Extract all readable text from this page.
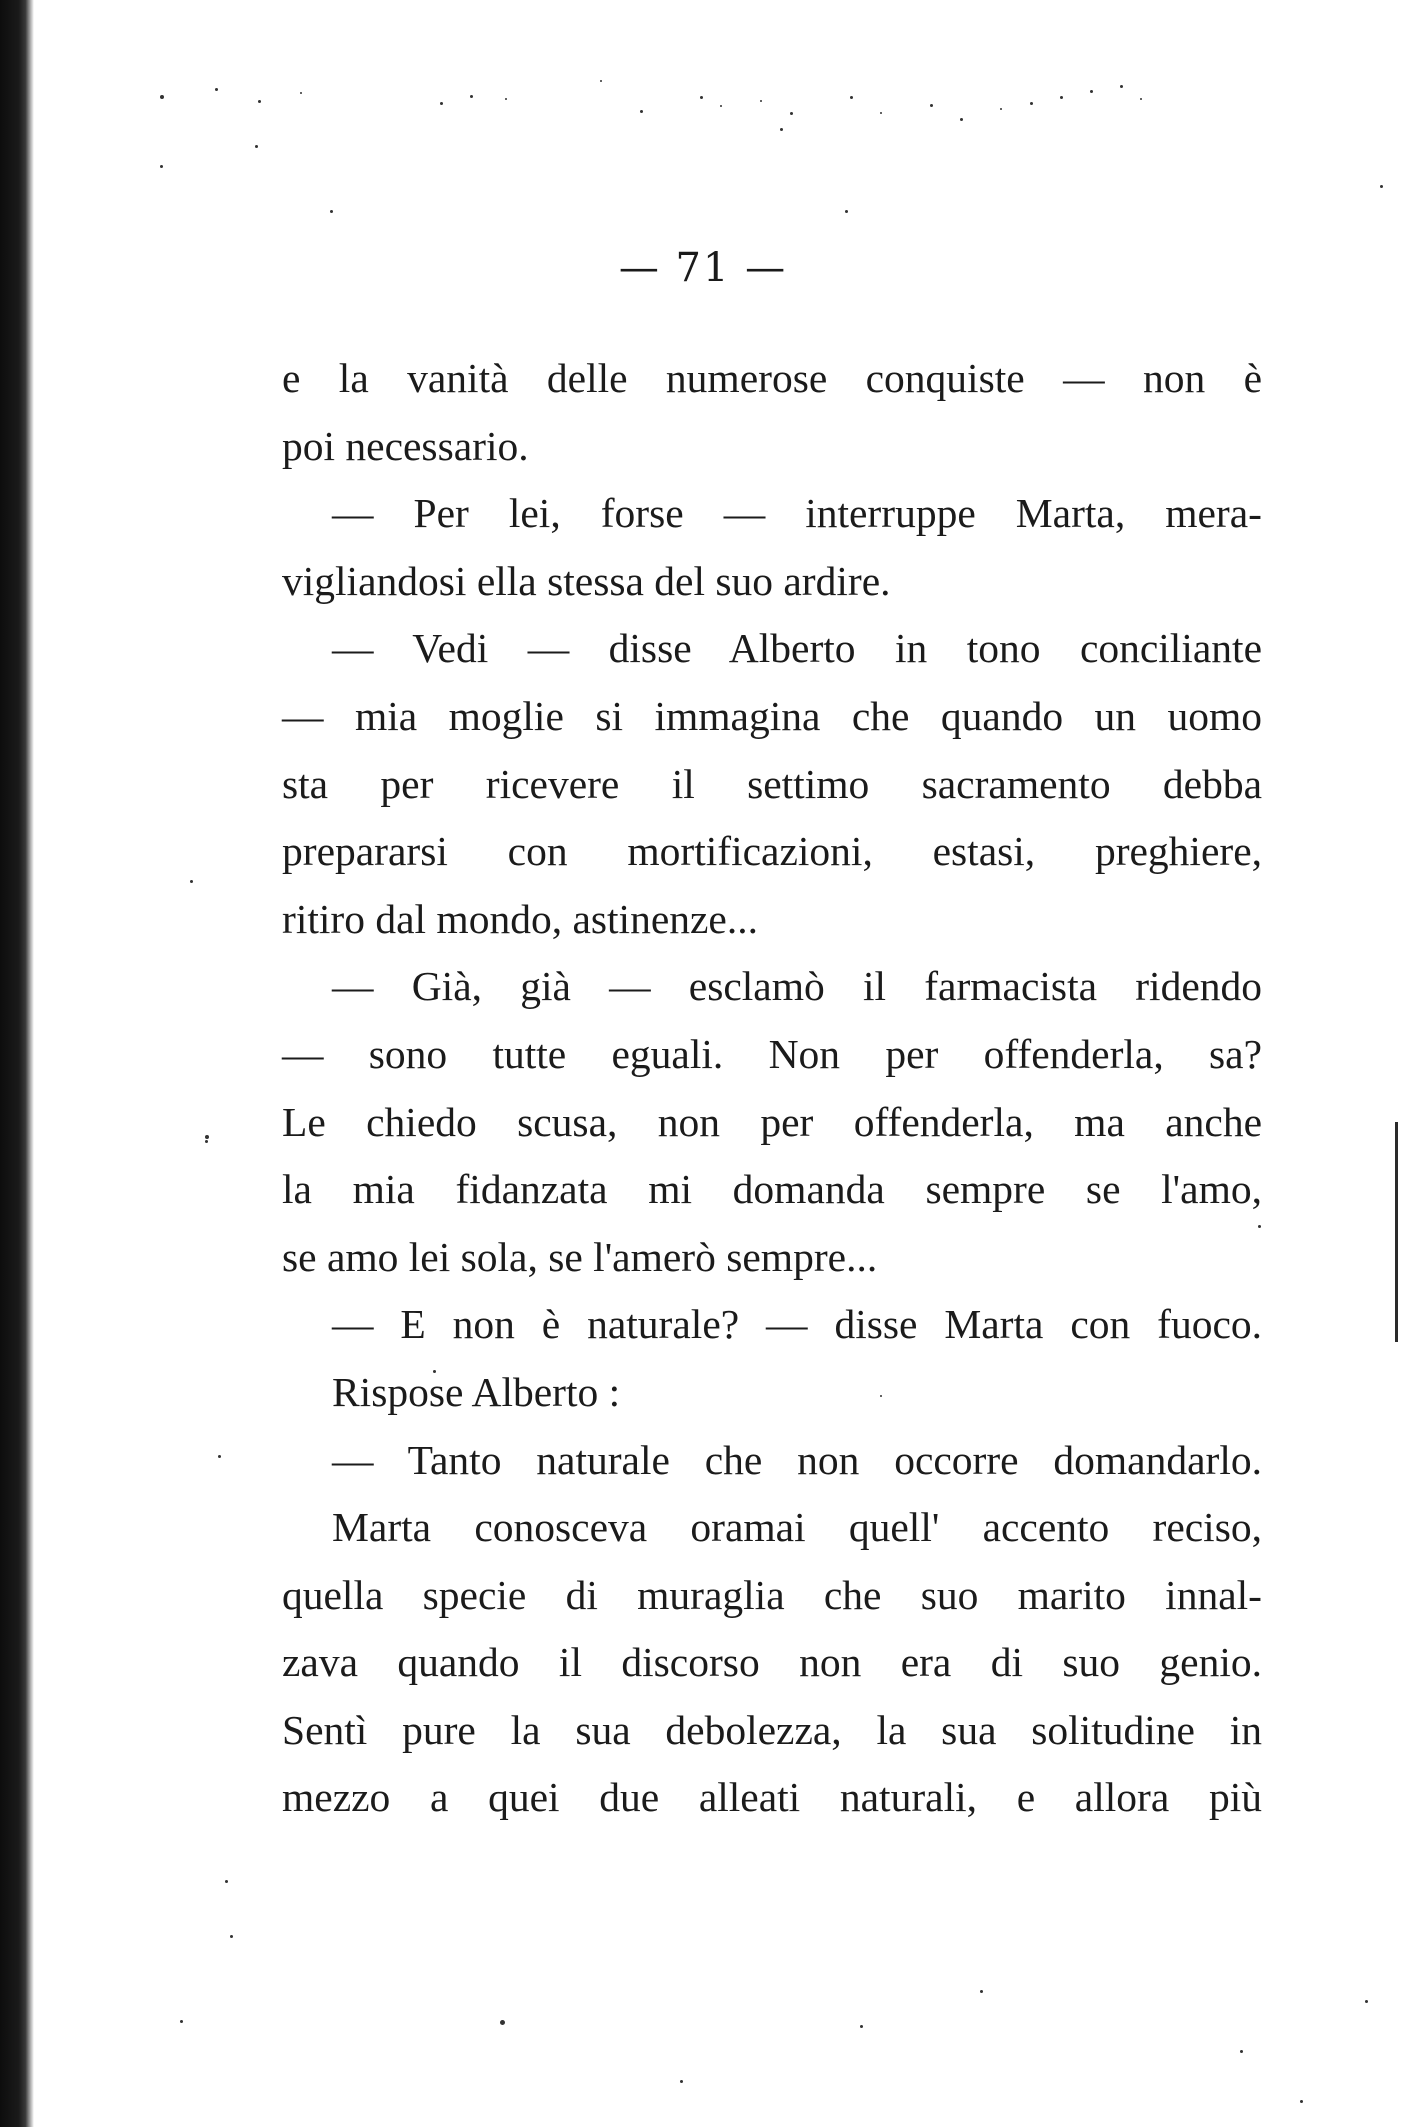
— 71 —
e la vanità delle numerose conquiste — non è
poi necessario.
— Per lei, forse — interruppe Marta, mera-
vigliandosi ella stessa del suo ardire.
— Vedi — disse Alberto in tono conciliante
— mia moglie si immagina che quando un uomo
sta per ricevere il settimo sacramento debba
prepararsi con mortificazioni, estasi, preghiere,
ritiro dal mondo, astinenze...
— Già, già — esclamò il farmacista ridendo
— sono tutte eguali. Non per offenderla, sa?
Le chiedo scusa, non per offenderla, ma anche
la mia fidanzata mi domanda sempre se l'amo,
se amo lei sola, se l'amerò sempre...
— E non è naturale? — disse Marta con fuoco.
Rispose Alberto :
— Tanto naturale che non occorre domandarlo.
Marta conosceva oramai quell' accento reciso,
quella specie di muraglia che suo marito innal-
zava quando il discorso non era di suo genio.
Sentì pure la sua debolezza, la sua solitudine in
mezzo a quei due alleati naturali, e allora più
